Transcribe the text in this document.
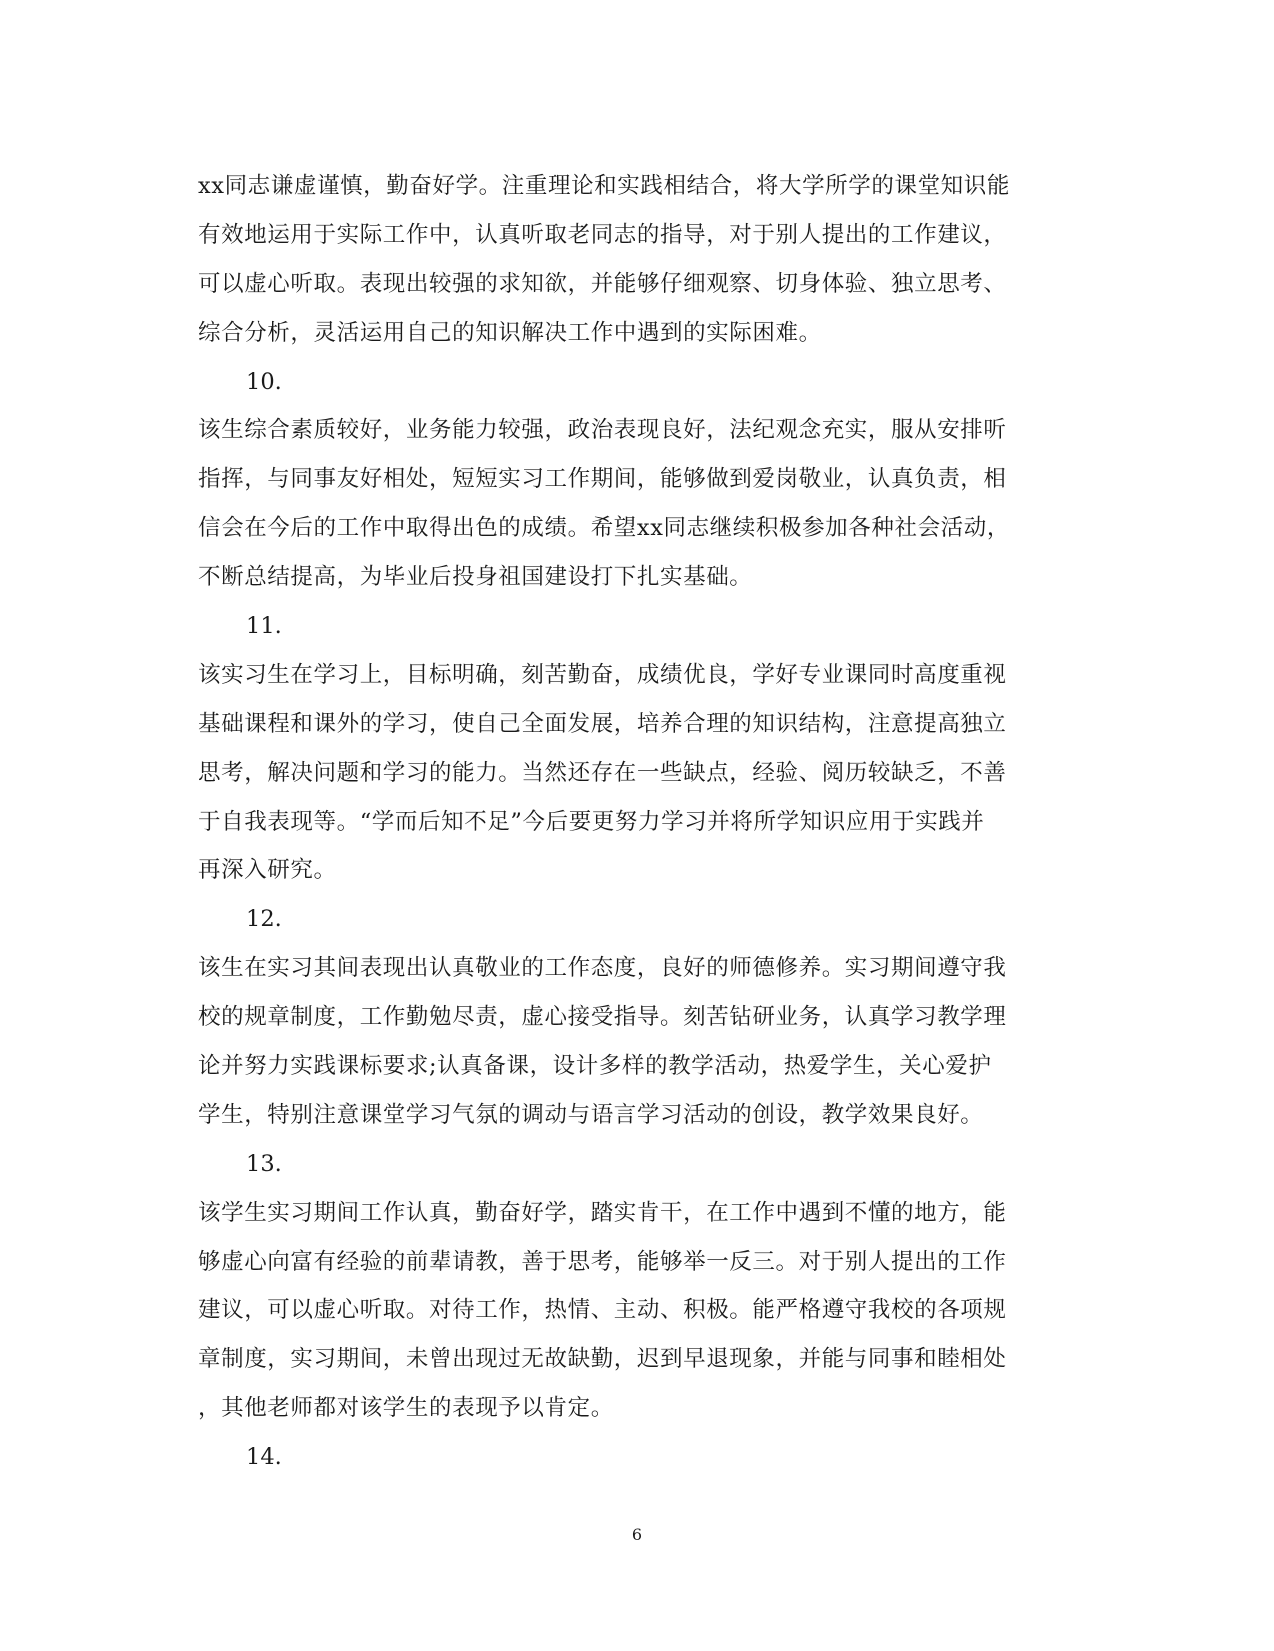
xx同志谦虚谨慎，勤奋好学。注重理论和实践相结合，将大学所学的课堂知识能
有效地运用于实际工作中，认真听取老同志的指导，对于别人提出的工作建议，
可以虚心听取。表现出较强的求知欲，并能够仔细观察、切身体验、独立思考、
综合分析，灵活运用自己的知识解决工作中遇到的实际困难。
10.
该生综合素质较好，业务能力较强，政治表现良好，法纪观念充实，服从安排听
指挥，与同事友好相处，短短实习工作期间，能够做到爱岗敬业，认真负责，相
信会在今后的工作中取得出色的成绩。希望xx同志继续积极参加各种社会活动，
不断总结提高，为毕业后投身祖国建设打下扎实基础。
11.
该实习生在学习上，目标明确，刻苦勤奋，成绩优良，学好专业课同时高度重视
基础课程和课外的学习，使自己全面发展，培养合理的知识结构，注意提高独立
思考，解决问题和学习的能力。当然还存在一些缺点，经验、阅历较缺乏，不善
于自我表现等。“学而后知不足”今后要更努力学习并将所学知识应用于实践并
再深入研究。
12.
该生在实习其间表现出认真敬业的工作态度，良好的师德修养。实习期间遵守我
校的规章制度，工作勤勉尽责，虚心接受指导。刻苦钻研业务，认真学习教学理
论并努力实践课标要求;认真备课，设计多样的教学活动，热爱学生，关心爱护
学生，特别注意课堂学习气氛的调动与语言学习活动的创设，教学效果良好。
13.
该学生实习期间工作认真，勤奋好学，踏实肯干，在工作中遇到不懂的地方，能
够虚心向富有经验的前辈请教，善于思考，能够举一反三。对于别人提出的工作
建议，可以虚心听取。对待工作，热情、主动、积极。能严格遵守我校的各项规
章制度，实习期间，未曾出现过无故缺勤，迟到早退现象，并能与同事和睦相处
，其他老师都对该学生的表现予以肯定。
14.
6
